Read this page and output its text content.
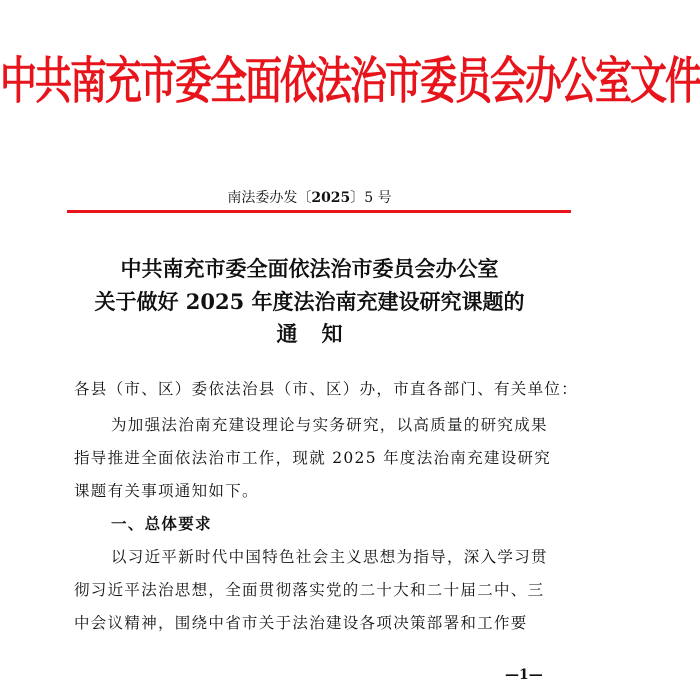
中共南充市委全面依法治市委员会办公室文件
南法委办发〔2025〕5 号
中共南充市委全面依法治市委员会办公室
关于做好 2025 年度法治南充建设研究课题的
通知
各县（市、区）委依法治县（市、区）办，市直各部门、有关单位：
为加强法治南充建设理论与实务研究，以高质量的研究成果
指导推进全面依法治市工作，现就 2025 年度法治南充建设研究
课题有关事项通知如下。
一、总体要求
以习近平新时代中国特色社会主义思想为指导，深入学习贯
彻习近平法治思想，全面贯彻落实党的二十大和二十届二中、三
中会议精神，围绕中省市关于法治建设各项决策部署和工作要
—1—
